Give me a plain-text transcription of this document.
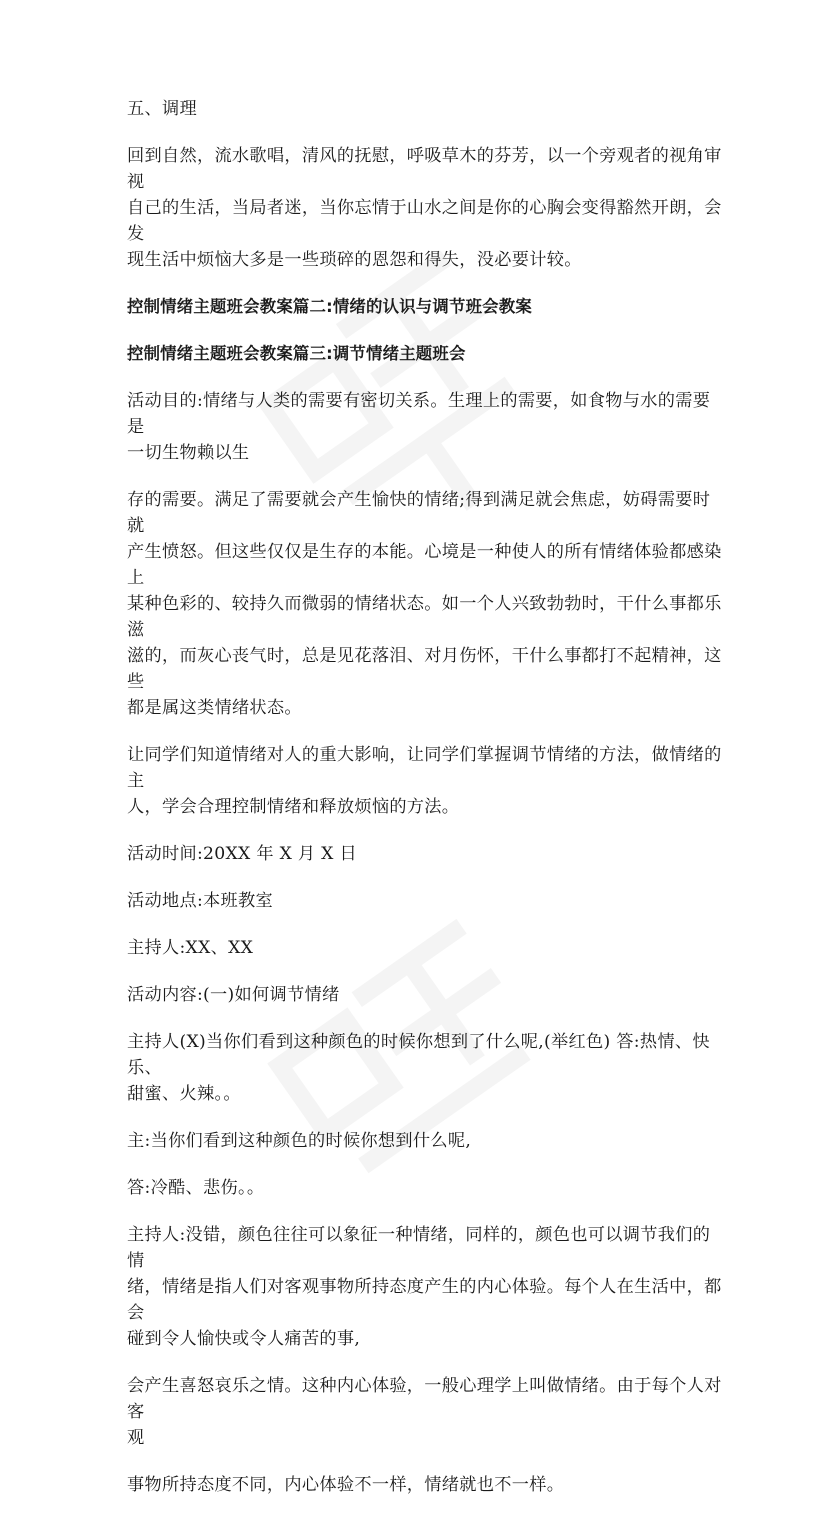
五、调理

回到自然，流水歌唱，清风的抚慰，呼吸草木的芬芳，以一个旁观者的视角审视
自己的生活，当局者迷，当你忘情于山水之间是你的心胸会变得豁然开朗，会发
现生活中烦恼大多是一些琐碎的恩怨和得失，没必要计较。

控制情绪主题班会教案篇二:情绪的认识与调节班会教案

控制情绪主题班会教案篇三:调节情绪主题班会

活动目的:情绪与人类的需要有密切关系。生理上的需要，如食物与水的需要是
一切生物赖以生

存的需要。满足了需要就会产生愉快的情绪;得到满足就会焦虑，妨碍需要时就
产生愤怒。但这些仅仅是生存的本能。心境是一种使人的所有情绪体验都感染上
某种色彩的、较持久而微弱的情绪状态。如一个人兴致勃勃时，干什么事都乐滋
滋的，而灰心丧气时，总是见花落泪、对月伤怀，干什么事都打不起精神，这些
都是属这类情绪状态。

让同学们知道情绪对人的重大影响，让同学们掌握调节情绪的方法，做情绪的主
人，学会合理控制情绪和释放烦恼的方法。

活动时间:20XX 年 X 月 X 日

活动地点:本班教室

主持人:XX、XX

活动内容:(一)如何调节情绪

主持人(X)当你们看到这种颜色的时候你想到了什么呢,(举红色) 答:热情、快乐、
甜蜜、火辣。。

主:当你们看到这种颜色的时候你想到什么呢,

答:冷酷、悲伤。。

主持人:没错，颜色往往可以象征一种情绪，同样的，颜色也可以调节我们的情
绪，情绪是指人们对客观事物所持态度产生的内心体验。每个人在生活中，都会
碰到令人愉快或令人痛苦的事,

会产生喜怒哀乐之情。这种内心体验，一般心理学上叫做情绪。由于每个人对客
观

事物所持态度不同，内心体验不一样，情绪就也不一样。
